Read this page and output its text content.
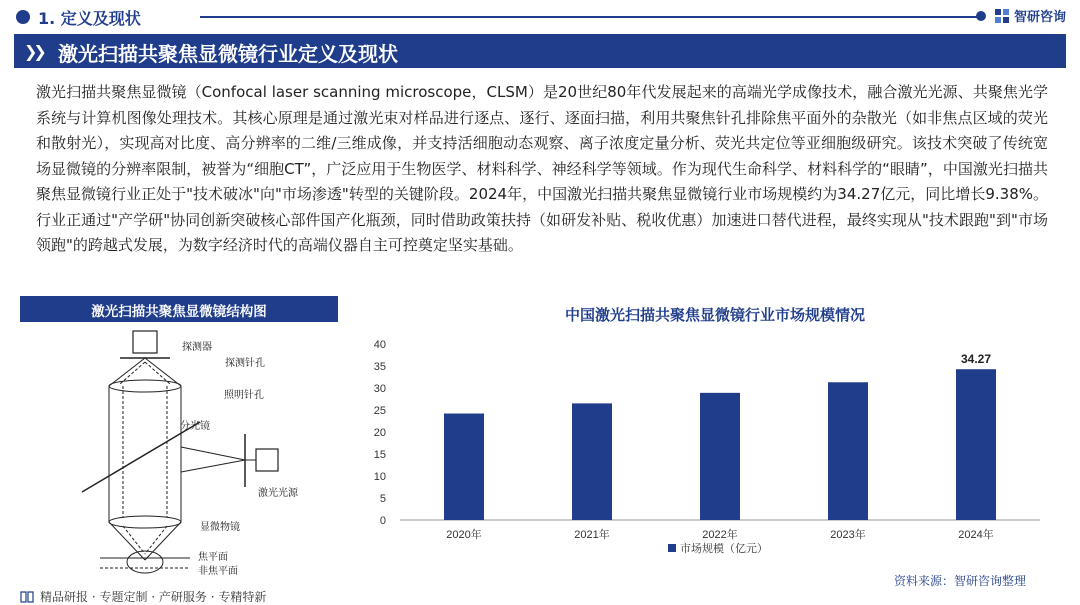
1. 定义及现状	智研咨询
❯❯ 激光扫描共聚焦显微镜行业定义及现状
激光扫描共聚焦显微镜（Confocal laser scanning microscope，CLSM）是20世纪80年代发展起来的高端光学成像技术，融合激光光源、共聚焦光学系统与计算机图像处理技术。其核心原理是通过激光束对样品进行逐点、逐行、逐面扫描，利用共聚焦针孔排除焦平面外的杂散光（如非焦点区域的荧光和散射光），实现高对比度、高分辨率的二维/三维成像，并支持活细胞动态观察、离子浓度定量分析、荧光共定位等亚细胞级研究。该技术突破了传统宽场显微镜的分辨率限制，被誉为“细胞CT”，广泛应用于生物医学、材料科学、神经科学等领域。作为现代生命科学、材料科学的“眼睛”，中国激光扫描共聚焦显微镜行业正处于"技术破冰"向"市场渗透"转型的关键阶段。2024年，中国激光扫描共聚焦显微镜行业市场规模约为34.27亿元，同比增长9.38%。行业正通过"产学研"协同创新突破核心部件国产化瓶颈，同时借助政策扶持（如研发补贴、税收优惠）加速进口替代进程，最终实现从"技术跟跑"到"市场领跑"的跨越式发展，为数字经济时代的高端仪器自主可控奠定坚实基础。
激光扫描共聚焦显微镜结构图
探测器
探测针孔
照明针孔
分光镜
激光光源
显微物镜
焦平面
非焦平面
中国激光扫描共聚焦显微镜行业市场规模情况
0
5
10
15
20
25
30
35
40
2020年	2021年	2022年	2023年	2024年
34.27
市场规模（亿元）
资料来源：智研咨询整理
精品研报 · 专题定制 · 产研服务 · 专精特新
